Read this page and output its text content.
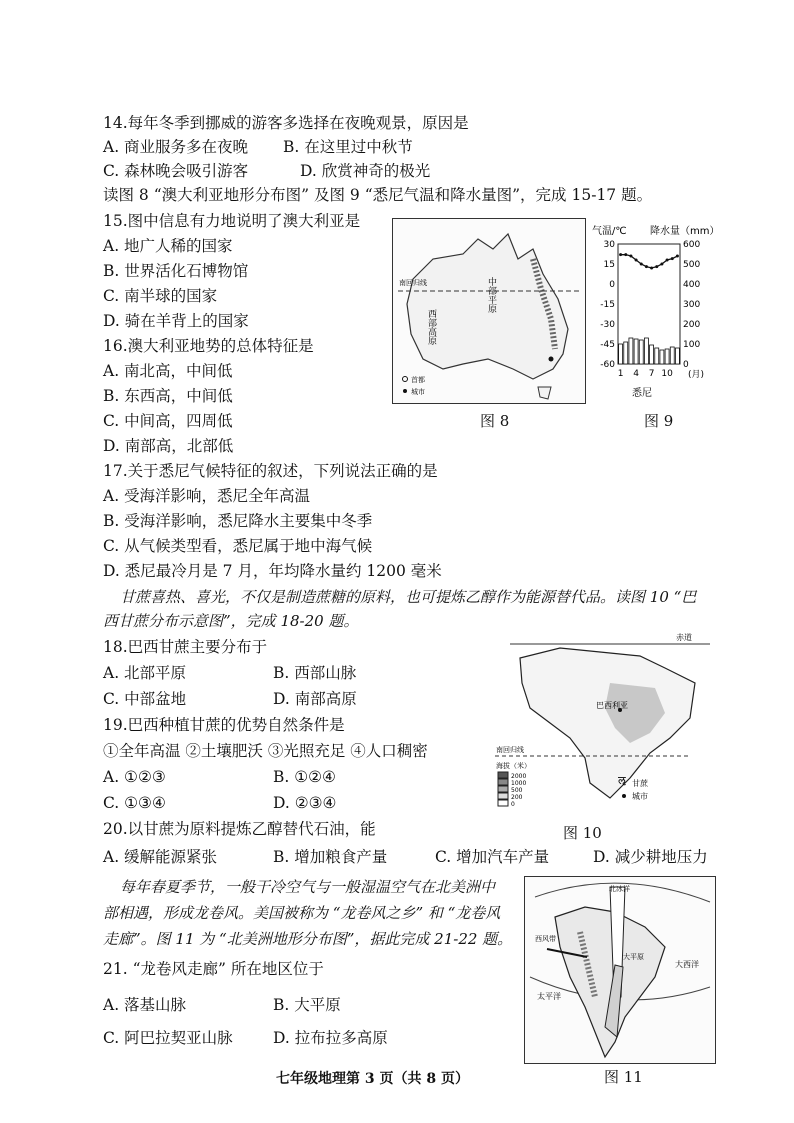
14.每年冬季到挪威的游客多选择在夜晚观景，原因是
A. 商业服务多在夜晚 B. 在这里过中秋节
C. 森林晚会吸引游客	D. 欣赏神奇的极光
读图 8 “澳大利亚地形分布图” 及图 9 “悉尼气温和降水量图”，完成 15-17 题。
15.图中信息有力地说明了澳大利亚是
A. 地广人稀的国家
B. 世界活化石博物馆
C. 南半球的国家
D. 骑在羊背上的国家
16.澳大利亚地势的总体特征是
A. 南北高，中间低
B. 东西高，中间低
C. 中间高，四周低
D. 南部高，北部低
17.关于悉尼气候特征的叙述，下列说法正确的是
A. 受海洋影响，悉尼全年高温
B. 受海洋影响，悉尼降水主要集中冬季
C. 从气候类型看，悉尼属于地中海气候
D. 悉尼最冷月是 7 月，年均降水量约 1200 毫米
甘蔗喜热、喜光，不仅是制造蔗糖的原料，也可提炼乙醇作为能源替代品。读图 10 “巴
西甘蔗分布示意图”，完成 18-20 题。
18.巴西甘蔗主要分布于
A. 北部平原	B. 西部山脉
C. 中部盆地	D. 南部高原
19.巴西种植甘蔗的优势自然条件是
①全年高温 ②土壤肥沃 ③光照充足 ④人口稠密
A. ①②③	B. ①②④
C. ①③④	D. ②③④
20.以甘蔗为原料提炼乙醇替代石油，能
A. 缓解能源紧张	B. 增加粮食产量	C. 增加汽车产量	D. 减少耕地压力
每年春夏季节，一般干冷空气与一般湿温空气在北美洲中
部相遇，形成龙卷风。美国被称为 “龙卷风之乡” 和 “龙卷风
走廊”。图 11 为 “北美洲地形分布图”，据此完成 21-22 题。
21. “龙卷风走廊” 所在地区位于
A. 落基山脉	B. 大平原
C. 阿巴拉契亚山脉	D. 拉布拉多高原
南回归线
西部高原
中部平原
首都
城市
图 8
气温/℃ 降水量（mm）
30
15
0
-15
-30
-45
-60
600
500
400
300
200
100
0
1 4 7 10 (月)
悉尼
图 9
赤道
南回归线
巴西利亚
海拔（米）
2000
1000
500
200
0
ऌ 甘蔗
城市
图 10
北冰洋
西风带
大平原
大西洋
太平洋
图 11
七年级地理第 3 页（共 8 页）
